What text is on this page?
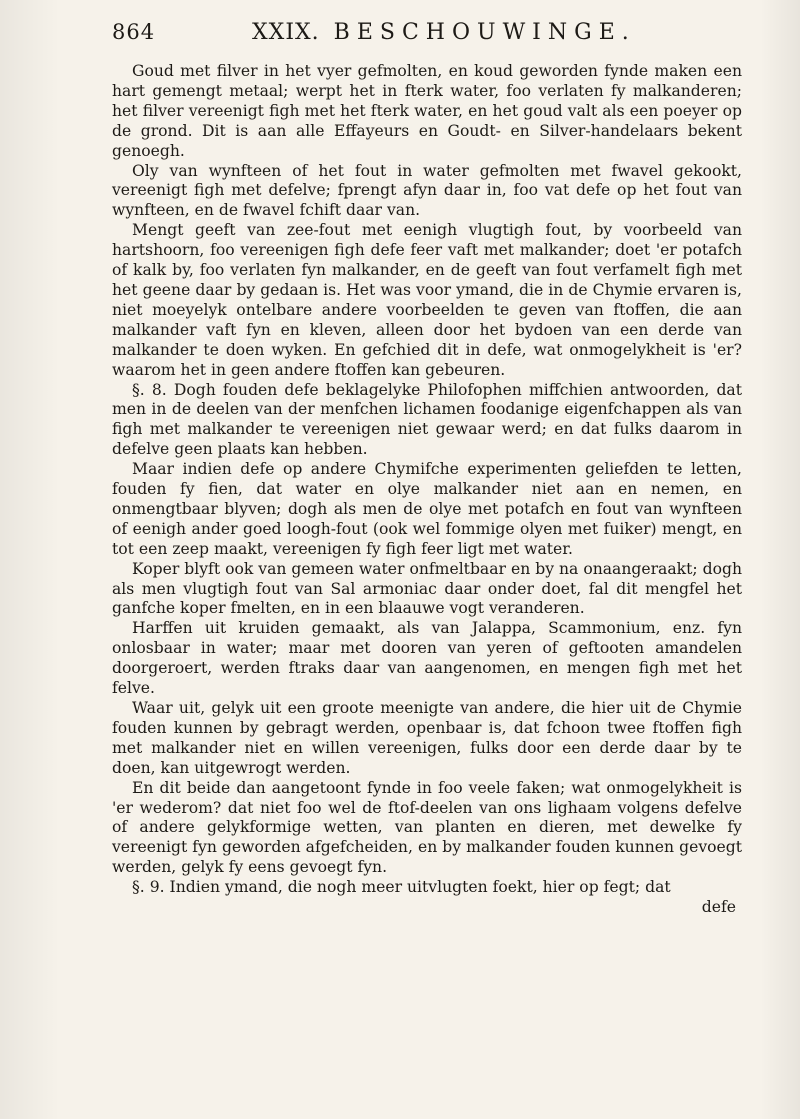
864	XXIX. BESCHOUWINGE.

Goud met filver in het vyer gefmolten, en koud geworden fynde maken een hart gemengt metaal; werpt het in fterk water, foo verlaten fy malkanderen; het filver vereenigt figh met het fterk water, en het goud valt als een poeyer op de grond. Dit is aan alle Effayeurs en Goudt- en Silver-handelaars bekent genoegh.

Oly van wynfteen of het fout in water gefmolten met fwavel gekookt, vereenigt figh met defelve; fprengt afyn daar in, foo vat defe op het fout van wynfteen, en de fwavel fchift daar van.

Mengt geeft van zee-fout met eenigh vlugtigh fout, by voorbeeld van hartshoorn, foo vereenigen figh defe feer vaft met malkander; doet 'er potafch of kalk by, foo verlaten fyn malkander, en de geeft van fout verfamelt figh met het geene daar by gedaan is. Het was voor ymand, die in de Chymie ervaren is, niet moeyelyk ontelbare andere voorbeelden te geven van ftoffen, die aan malkander vaft fyn en kleven, alleen door het bydoen van een derde van malkander te doen wyken. En gefchied dit in defe, wat onmogelykheit is 'er? waarom het in geen andere ftoffen kan gebeuren.

§. 8. Dogh fouden defe beklagelyke Philofophen miffchien antwoorden, dat men in de deelen van der menfchen lichamen foodanige eigenfchappen als van figh met malkander te vereenigen niet gewaar werd; en dat fulks daarom in defelve geen plaats kan hebben.

Maar indien defe op andere Chymifche experimenten geliefden te letten, fouden fy fien, dat water en olye malkander niet aan en nemen, en onmengtbaar blyven; dogh als men de olye met potafch en fout van wynfteen of eenigh ander goed loogh-fout (ook wel fommige olyen met fuiker) mengt, en tot een zeep maakt, vereenigen fy figh feer ligt met water.

Koper blyft ook van gemeen water onfmeltbaar en by na onaangeraakt; dogh als men vlugtigh fout van Sal armoniac daar onder doet, fal dit mengfel het ganfche koper fmelten, en in een blaauwe vogt veranderen.

Harffen uit kruiden gemaakt, als van Jalappa, Scammonium, enz. fyn onlosbaar in water; maar met dooren van yeren of geftooten amandelen doorgeroert, werden ftraks daar van aangenomen, en mengen figh met het felve.

Waar uit, gelyk uit een groote meenigte van andere, die hier uit de Chymie fouden kunnen by gebragt werden, openbaar is, dat fchoon twee ftoffen figh met malkander niet en willen vereenigen, fulks door een derde daar by te doen, kan uitgewrogt werden.

En dit beide dan aangetoont fynde in foo veele faken; wat onmogelykheit is 'er wederom? dat niet foo wel de ftof-deelen van ons lighaam volgens defelve of andere gelykformige wetten, van planten en dieren, met dewelke fy vereenigt fyn geworden afgefcheiden, en by malkander fouden kunnen gevoegt werden, gelyk fy eens gevoegt fyn.

§. 9. Indien ymand, die nogh meer uitvlugten foekt, hier op fegt; dat

defe
